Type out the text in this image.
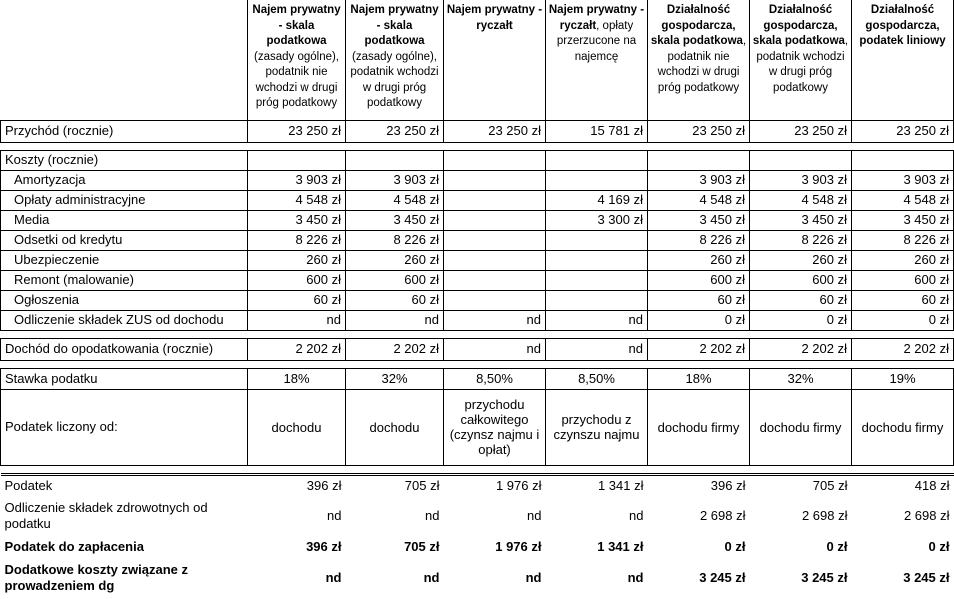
	Najem prywatny - skala podatkowa (zasady ogólne), podatnik nie wchodzi w drugi próg podatkowy	Najem prywatny - skala podatkowa (zasady ogólne), podatnik wchodzi w drugi próg podatkowy	Najem prywatny - ryczałt	Najem prywatny - ryczałt, opłaty przerzucone na najemcę	Działalność gospodarcza, skala podatkowa, podatnik nie wchodzi w drugi próg podatkowy	Działalność gospodarcza, skala podatkowa, podatnik wchodzi w drugi próg podatkowy	Działalność gospodarcza, podatek liniowy
Przychód (rocznie)	23 250 zł	23 250 zł	23 250 zł	15 781 zł	23 250 zł	23 250 zł	23 250 zł

Koszty (rocznie)							
Amortyzacja	3 903 zł	3 903 zł			3 903 zł	3 903 zł	3 903 zł
Opłaty administracyjne	4 548 zł	4 548 zł		4 169 zł	4 548 zł	4 548 zł	4 548 zł
Media	3 450 zł	3 450 zł		3 300 zł	3 450 zł	3 450 zł	3 450 zł
Odsetki od kredytu	8 226 zł	8 226 zł			8 226 zł	8 226 zł	8 226 zł
Ubezpieczenie	260 zł	260 zł			260 zł	260 zł	260 zł
Remont (malowanie)	600 zł	600 zł			600 zł	600 zł	600 zł
Ogłoszenia	60 zł	60 zł			60 zł	60 zł	60 zł
Odliczenie składek ZUS od dochodu	nd	nd	nd	nd	0 zł	0 zł	0 zł

Dochód do opodatkowania (rocznie)	2 202 zł	2 202 zł	nd	nd	2 202 zł	2 202 zł	2 202 zł

Stawka podatku	18%	32%	8,50%	8,50%	18%	32%	19%
Podatek liczony od:	dochodu	dochodu	przychodu całkowitego (czynsz najmu i opłat)	przychodu z czynszu najmu	dochodu firmy	dochodu firmy	dochodu firmy

Podatek	396 zł	705 zł	1 976 zł	1 341 zł	396 zł	705 zł	418 zł
Odliczenie składek zdrowotnych od podatku	nd	nd	nd	nd	2 698 zł	2 698 zł	2 698 zł
Podatek do zapłacenia	396 zł	705 zł	1 976 zł	1 341 zł	0 zł	0 zł	0 zł
Dodatkowe koszty związane z prowadzeniem dg	nd	nd	nd	nd	3 245 zł	3 245 zł	3 245 zł
